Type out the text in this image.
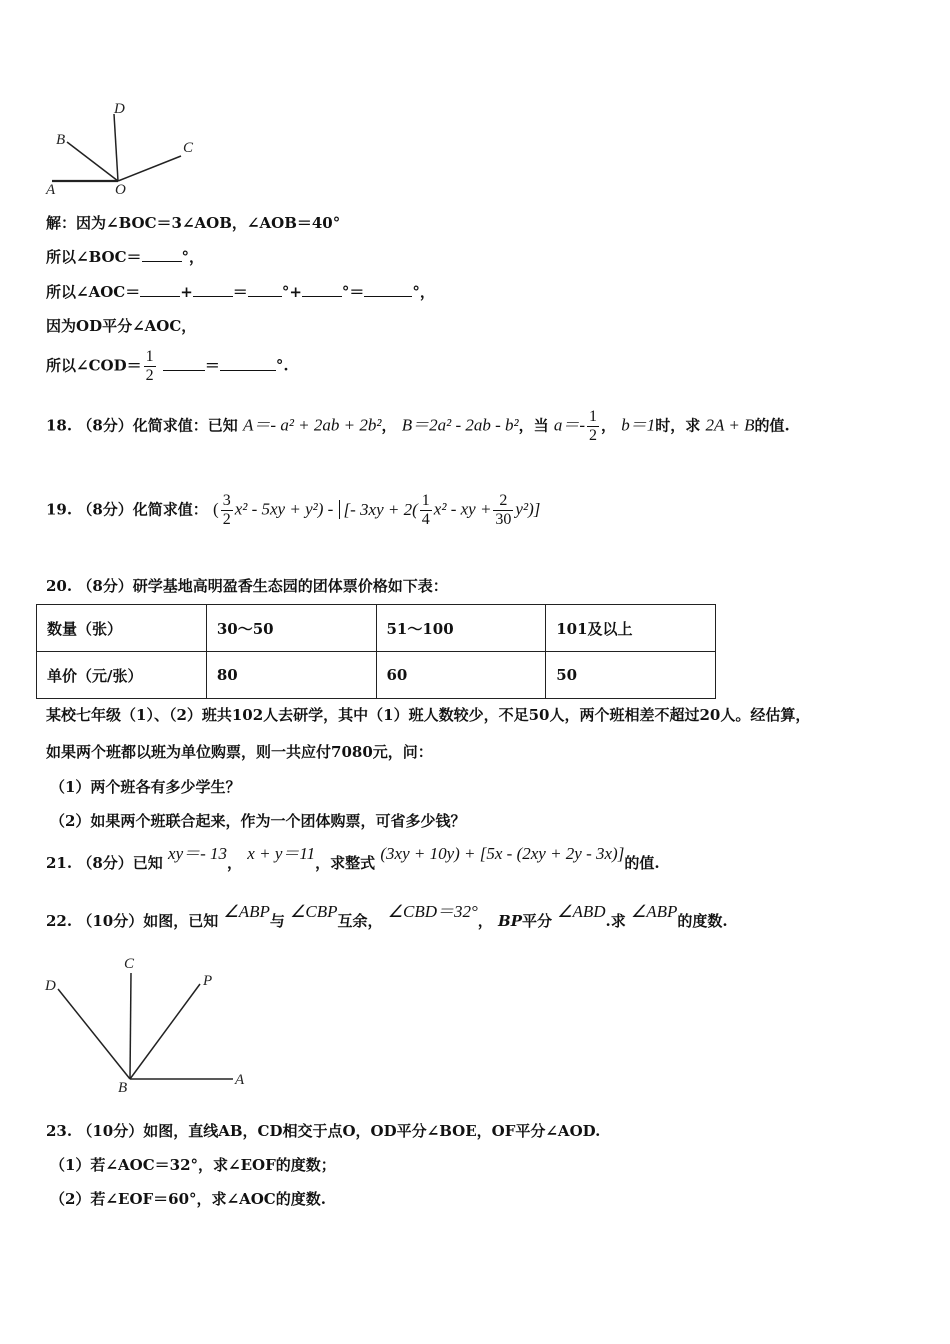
D
B	C
A	O
解：因为∠BOC＝3∠AOB，∠AOB＝40°
所以∠BOC＝	°，
所以∠AOC＝	+	＝ °+	°＝	°，
因为OD平分∠AOC，
所以∠COD＝ $\frac{1}{2}$	＝	°.
18. （8分）化简求值：已知 A＝- a² + 2ab + 2b²， B＝2a² - 2ab - b²，当 $a=- \frac{1}{2}$ ， b＝1时，求 2A + B的值.
19. （8分）化简求值： ( $\frac{3}{2} x^2 - 5xy + y^2$) - [- $3xy + 2( \frac{1}{4} x^2$ - xy + $\frac{2}{30} y^2$)]
20. （8分）研学基地高明盈香生态园的团体票价格如下表：
数量（张）	30～50	51～100	101及以上
单价（元/张）	80	60	50
某校七年级（1）、（2）班共102人去研学，其中（1）班人数较少，不足50人，两个班相差不超过20人。经估算，
如果两个班都以班为单位购票，则一共应付7080元，问：
（1）两个班各有多少学生？
（2）如果两个班联合起来，作为一个团体购票，可省多少钱？
21. （8分）已知 xy＝- 13， x + y＝11，求整式 (3xy + 10y) + [5x - (2xy + 2y - 3x)]的值.
22. （10分）如图，已知 ∠ABP与 ∠CBP互余， ∠CBD＝32°， BP平分 ∠ABD.求 ∠ABP的度数.
D
C
P
B	A
23. （10分）如图，直线AB，CD相交于点O，OD平分∠BOE，OF平分∠AOD.
（1）若∠AOC＝32°，求∠EOF的度数；
（2）若∠EOF＝60°，求∠AOC的度数.
